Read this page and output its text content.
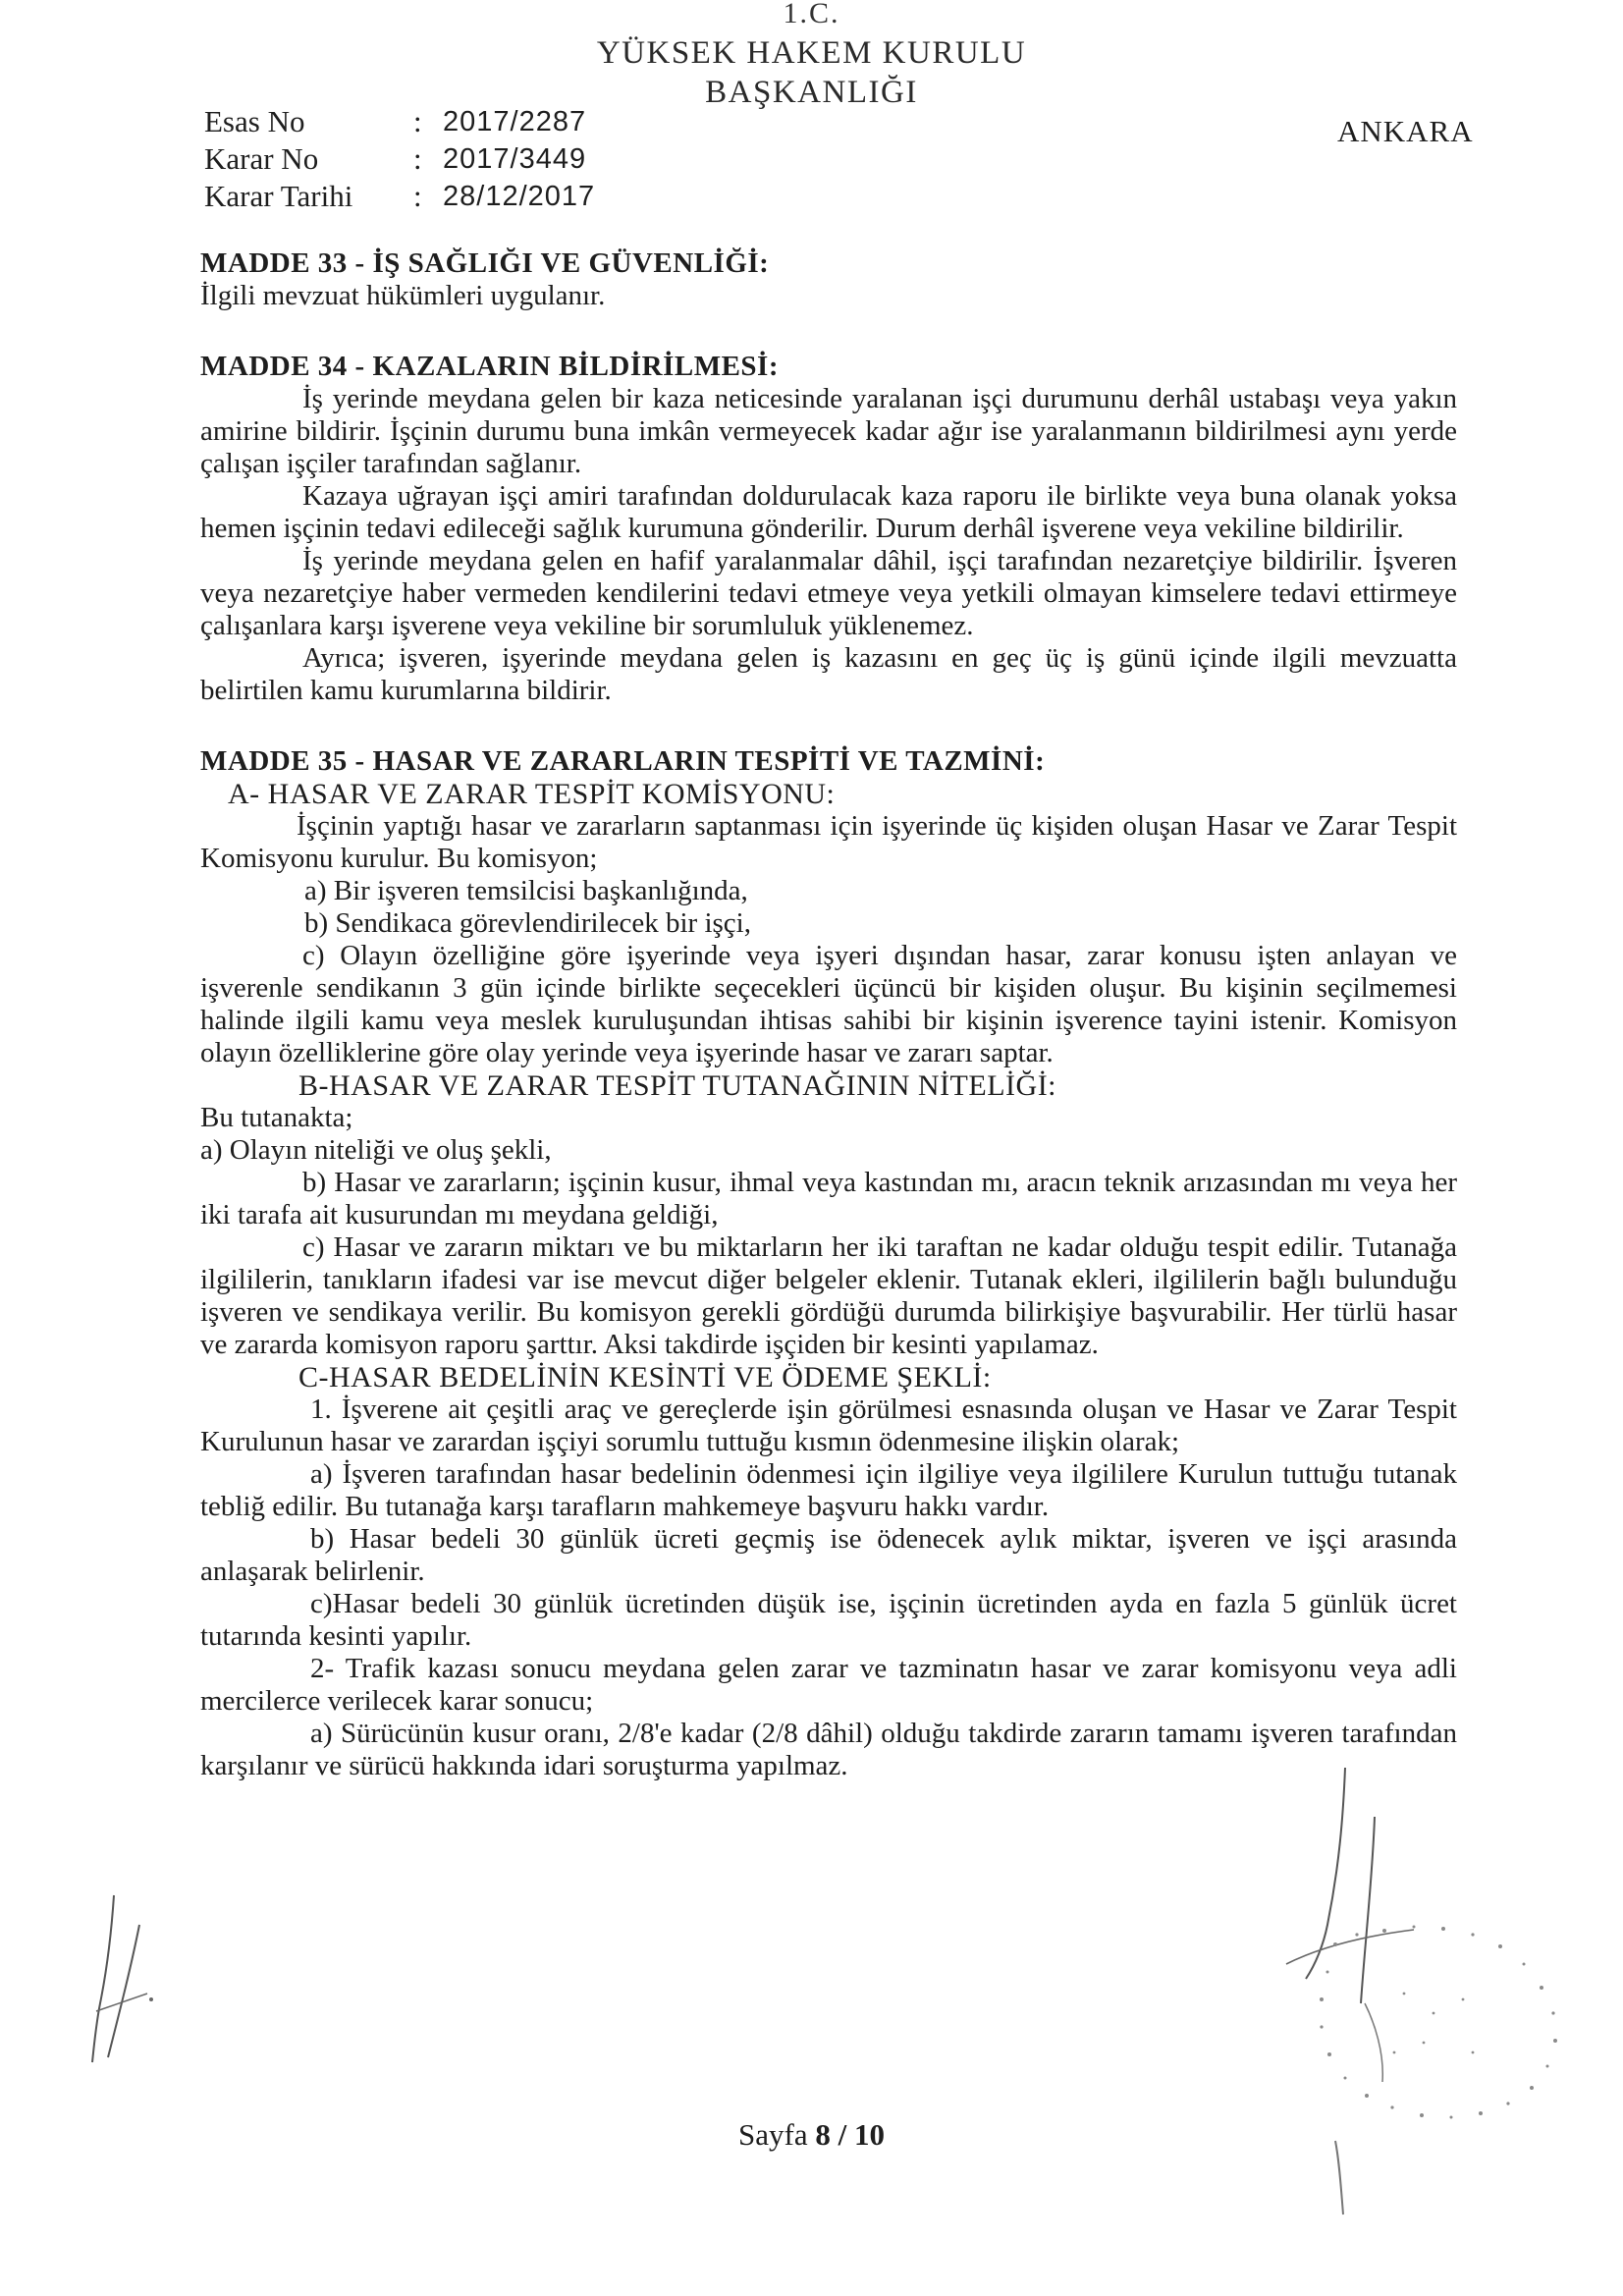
1.C.
YÜKSEK HAKEM KURULU
BAŞKANLIĞI
Esas No	: 2017/2287
Karar No	: 2017/3449
Karar Tarihi	: 28/12/2017
ANKARA
MADDE 33 - İŞ SAĞLIĞI VE GÜVENLİĞİ:

İlgili mevzuat hükümleri uygulanır.

MADDE 34 - KAZALARIN BİLDİRİLMESİ:

İş yerinde meydana gelen bir kaza neticesinde yaralanan işçi durumunu derhâl ustabaşı veya yakın amirine bildirir. İşçinin durumu buna imkân vermeyecek kadar ağır ise yaralanmanın bildirilmesi aynı yerde çalışan işçiler tarafından sağlanır.

Kazaya uğrayan işçi amiri tarafından doldurulacak kaza raporu ile birlikte veya buna olanak yoksa hemen işçinin tedavi edileceği sağlık kurumuna gönderilir. Durum derhâl işverene veya vekiline bildirilir.

İş yerinde meydana gelen en hafif yaralanmalar dâhil, işçi tarafından nezaretçiye bildirilir. İşveren veya nezaretçiye haber vermeden kendilerini tedavi etmeye veya yetkili olmayan kimselere tedavi ettirmeye çalışanlara karşı işverene veya vekiline bir sorumluluk yüklenemez.

Ayrıca; işveren, işyerinde meydana gelen iş kazasını en geç üç iş günü içinde ilgili mevzuatta belirtilen kamu kurumlarına bildirir.

MADDE 35 - HASAR VE ZARARLARIN TESPİTİ VE TAZMİNİ:
A- HASAR VE ZARAR TESPİT KOMİSYONU:

İşçinin yaptığı hasar ve zararların saptanması için işyerinde üç kişiden oluşan Hasar ve Zarar Tespit Komisyonu kurulur. Bu komisyon;

a) Bir işveren temsilcisi başkanlığında,
b) Sendikaca görevlendirilecek bir işçi,

c) Olayın özelliğine göre işyerinde veya işyeri dışından hasar, zarar konusu işten anlayan ve işverenle sendikanın 3 gün içinde birlikte seçecekleri üçüncü bir kişiden oluşur. Bu kişinin seçilmemesi halinde ilgili kamu veya meslek kuruluşundan ihtisas sahibi bir kişinin işverence tayini istenir. Komisyon olayın özelliklerine göre olay yerinde veya işyerinde hasar ve zararı saptar.

B-HASAR VE ZARAR TESPİT TUTANAĞININ NİTELİĞİ:
Bu tutanakta;
a) Olayın niteliği ve oluş şekli,

b) Hasar ve zararların; işçinin kusur, ihmal veya kastından mı, aracın teknik arızasından mı veya her iki tarafa ait kusurundan mı meydana geldiği,

c) Hasar ve zararın miktarı ve bu miktarların her iki taraftan ne kadar olduğu tespit edilir. Tutanağa ilgililerin, tanıkların ifadesi var ise mevcut diğer belgeler eklenir. Tutanak ekleri, ilgililerin bağlı bulunduğu işveren ve sendikaya verilir. Bu komisyon gerekli gördüğü durumda bilirkişiye başvurabilir. Her türlü hasar ve zararda komisyon raporu şarttır. Aksi takdirde işçiden bir kesinti yapılamaz.

C-HASAR BEDELİNİN KESİNTİ VE ÖDEME ŞEKLİ:

1. İşverene ait çeşitli araç ve gereçlerde işin görülmesi esnasında oluşan ve Hasar ve Zarar Tespit Kurulunun hasar ve zarardan işçiyi sorumlu tuttuğu kısmın ödenmesine ilişkin olarak;

a) İşveren tarafından hasar bedelinin ödenmesi için ilgiliye veya ilgililere Kurulun tuttuğu tutanak tebliğ edilir. Bu tutanağa karşı tarafların mahkemeye başvuru hakkı vardır.

b) Hasar bedeli 30 günlük ücreti geçmiş ise ödenecek aylık miktar, işveren ve işçi arasında anlaşarak belirlenir.

c)Hasar bedeli 30 günlük ücretinden düşük ise, işçinin ücretinden ayda en fazla 5 günlük ücret tutarında kesinti yapılır.

2- Trafik kazası sonucu meydana gelen zarar ve tazminatın hasar ve zarar komisyonu veya adli mercilerce verilecek karar sonucu;

a) Sürücünün kusur oranı, 2/8'e kadar (2/8 dâhil) olduğu takdirde zararın tamamı işveren tarafından karşılanır ve sürücü hakkında idari soruşturma yapılmaz.

Sayfa 8 / 10
